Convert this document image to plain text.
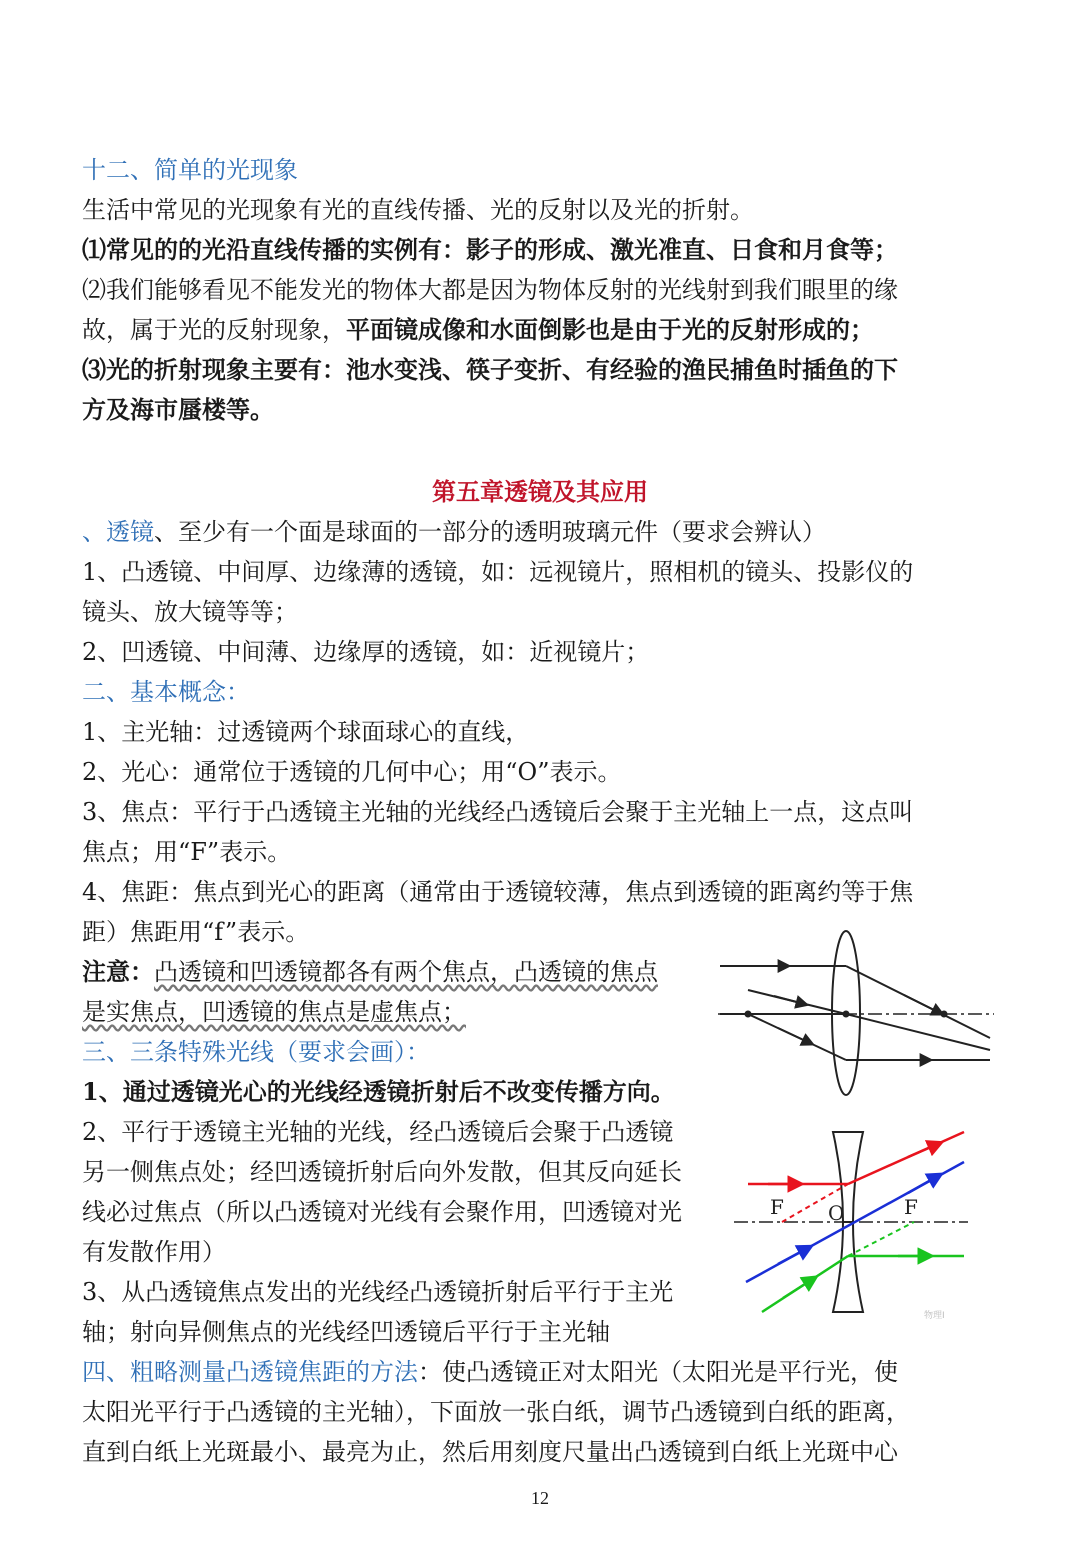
十二、简单的光现象
生活中常见的光现象有光的直线传播、光的反射以及光的折射。
⑴常见的的光沿直线传播的实例有：影子的形成、激光准直、日食和月食等；
⑵我们能够看见不能发光的物体大都是因为物体反射的光线射到我们眼里的缘
故，属于光的反射现象，平面镜成像和水面倒影也是由于光的反射形成的；
⑶光的折射现象主要有：池水变浅、筷子变折、有经验的渔民捕鱼时插鱼的下
方及海市蜃楼等。
第五章透镜及其应用
、透镜、至少有一个面是球面的一部分的透明玻璃元件（要求会辨认）
1、凸透镜、中间厚、边缘薄的透镜，如：远视镜片，照相机的镜头、投影仪的
镜头、放大镜等等；
2、凹透镜、中间薄、边缘厚的透镜，如：近视镜片；
二、基本概念：
1、主光轴：过透镜两个球面球心的直线，
2、光心：通常位于透镜的几何中心；用“O”表示。
3、焦点：平行于凸透镜主光轴的光线经凸透镜后会聚于主光轴上一点，这点叫
焦点；用“F”表示。
4、焦距：焦点到光心的距离（通常由于透镜较薄，焦点到透镜的距离约等于焦
距）焦距用“f”表示。
注意：凸透镜和凹透镜都各有两个焦点，凸透镜的焦点
是实焦点，凹透镜的焦点是虚焦点；
三、三条特殊光线（要求会画）：
1、通过透镜光心的光线经透镜折射后不改变传播方向。
2、平行于透镜主光轴的光线，经凸透镜后会聚于凸透镜
另一侧焦点处；经凹透镜折射后向外发散，但其反向延长
线必过焦点（所以凸透镜对光线有会聚作用，凹透镜对光
有发散作用）
3、从凸透镜焦点发出的光线经凸透镜折射后平行于主光
轴；射向异侧焦点的光线经凹透镜后平行于主光轴
四、粗略测量凸透镜焦距的方法：使凸透镜正对太阳光（太阳光是平行光，使
太阳光平行于凸透镜的主光轴），下面放一张白纸，调节凸透镜到白纸的距离，
直到白纸上光斑最小、最亮为止，然后用刻度尺量出凸透镜到白纸上光斑中心
F O	F
物理I
12
